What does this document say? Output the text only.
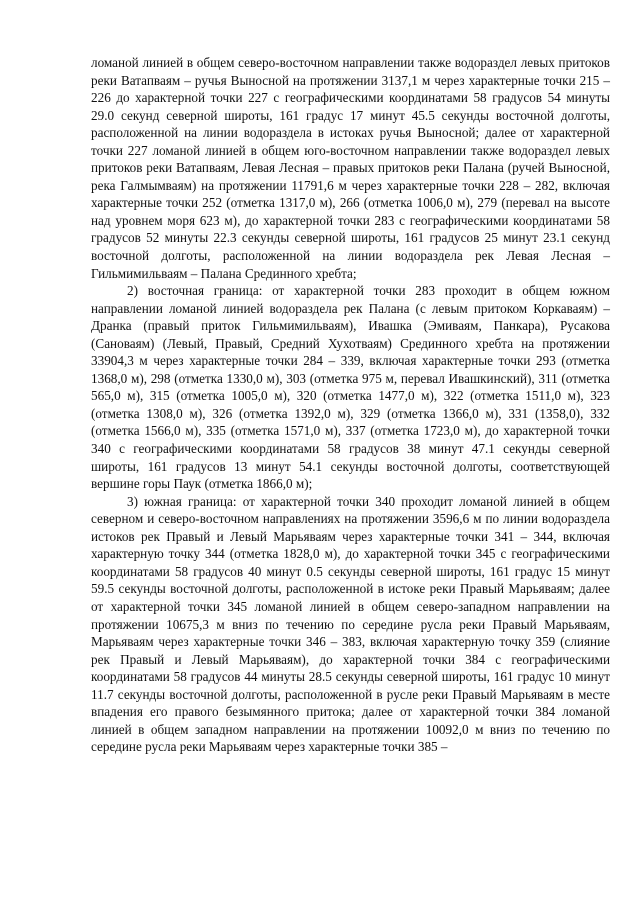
ломаной линией в общем северо-восточном направлении также водораздел левых притоков реки Ватапваям – ручья Выносной на протяжении 3137,1 м через характерные точки 215 – 226 до характерной точки 227 с географическими координатами 58 градусов 54 минуты 29.0 секунд северной широты, 161 градус 17 минут 45.5 секунды восточной долготы, расположенной на линии водораздела в истоках ручья Выносной; далее от характерной точки 227 ломаной линией в общем юго-восточном направлении также водораздел левых притоков реки Ватапваям, Левая Лесная – правых притоков реки Палана (ручей Выносной, река Галмымваям) на протяжении 11791,6 м через характерные точки 228 – 282, включая характерные точки 252 (отметка 1317,0 м), 266 (отметка 1006,0 м), 279 (перевал на высоте над уровнем моря 623 м), до характерной точки 283 с географическими координатами 58 градусов 52 минуты 22.3 секунды северной широты, 161 градусов 25 минут 23.1 секунд восточной долготы, расположенной на линии водораздела рек Левая Лесная – Гильмимильваям – Палана Срединного хребта;

2) восточная граница: от характерной точки 283 проходит в общем южном направлении ломаной линией водораздела рек Палана (с левым притоком Коркаваям) – Дранка (правый приток Гильмимильваям), Ивашка (Эмиваям, Панкара), Русакова (Сановаям) (Левый, Правый, Средний Хухотваям) Срединного хребта на протяжении 33904,3 м через характерные точки 284 – 339, включая характерные точки 293 (отметка 1368,0 м), 298 (отметка 1330,0 м), 303 (отметка 975 м, перевал Ивашкинский), 311 (отметка 565,0 м), 315 (отметка 1005,0 м), 320 (отметка 1477,0 м), 322 (отметка 1511,0 м), 323 (отметка 1308,0 м), 326 (отметка 1392,0 м), 329 (отметка 1366,0 м), 331 (1358,0), 332 (отметка 1566,0 м), 335 (отметка 1571,0 м), 337 (отметка 1723,0 м), до характерной точки 340 с географическими координатами 58 градусов 38 минут 47.1 секунды северной широты, 161 градусов 13 минут 54.1 секунды восточной долготы, соответствующей вершине горы Паук (отметка 1866,0 м);

3) южная граница: от характерной точки 340 проходит ломаной линией в общем северном и северо-восточном направлениях на протяжении 3596,6 м по линии водораздела истоков рек Правый и Левый Марьяваям через характерные точки 341 – 344, включая характерную точку 344 (отметка 1828,0 м), до характерной точки 345 с географическими координатами 58 градусов 40 минут 0.5 секунды северной широты, 161 градус 15 минут 59.5 секунды восточной долготы, расположенной в истоке реки Правый Марьяваям; далее от характерной точки 345 ломаной линией в общем северо-западном направлении на протяжении 10675,3 м вниз по течению по середине русла реки Правый Марьяваям, Марьяваям через характерные точки 346 – 383, включая характерную точку 359 (слияние рек Правый и Левый Марьяваям), до характерной точки 384 с географическими координатами 58 градусов 44 минуты 28.5 секунды северной широты, 161 градус 10 минут 11.7 секунды восточной долготы, расположенной в русле реки Правый Марьяваям в месте впадения его правого безымянного притока; далее от характерной точки 384 ломаной линией в общем западном направлении на протяжении 10092,0 м вниз по течению по середине русла реки Марьяваям через характерные точки 385 –
